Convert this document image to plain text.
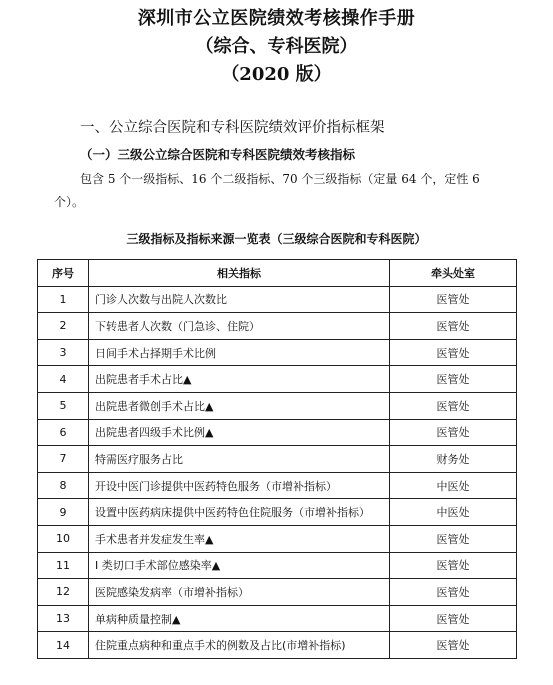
深圳市公立医院绩效考核操作手册
（综合、专科医院）
（2020 版）
一、公立综合医院和专科医院绩效评价指标框架
（一）三级公立综合医院和专科医院绩效考核指标
包含 5 个一级指标、16 个二级指标、70 个三级指标（定量 64 个，定性 6 个）。
三级指标及指标来源一览表（三级综合医院和专科医院）
序号	相关指标	牵头处室
1	门诊人次数与出院人次数比	医管处
2	下转患者人次数（门急诊、住院）	医管处
3	日间手术占择期手术比例	医管处
4	出院患者手术占比▲	医管处
5	出院患者微创手术占比▲	医管处
6	出院患者四级手术比例▲	医管处
7	特需医疗服务占比	财务处
8	开设中医门诊提供中医药特色服务（市增补指标）	中医处
9	设置中医药病床提供中医药特色住院服务（市增补指标）	中医处
10	手术患者并发症发生率▲	医管处
11	I 类切口手术部位感染率▲	医管处
12	医院感染发病率（市增补指标）	医管处
13	单病种质量控制▲	医管处
14	住院重点病种和重点手术的例数及占比(市增补指标)	医管处
